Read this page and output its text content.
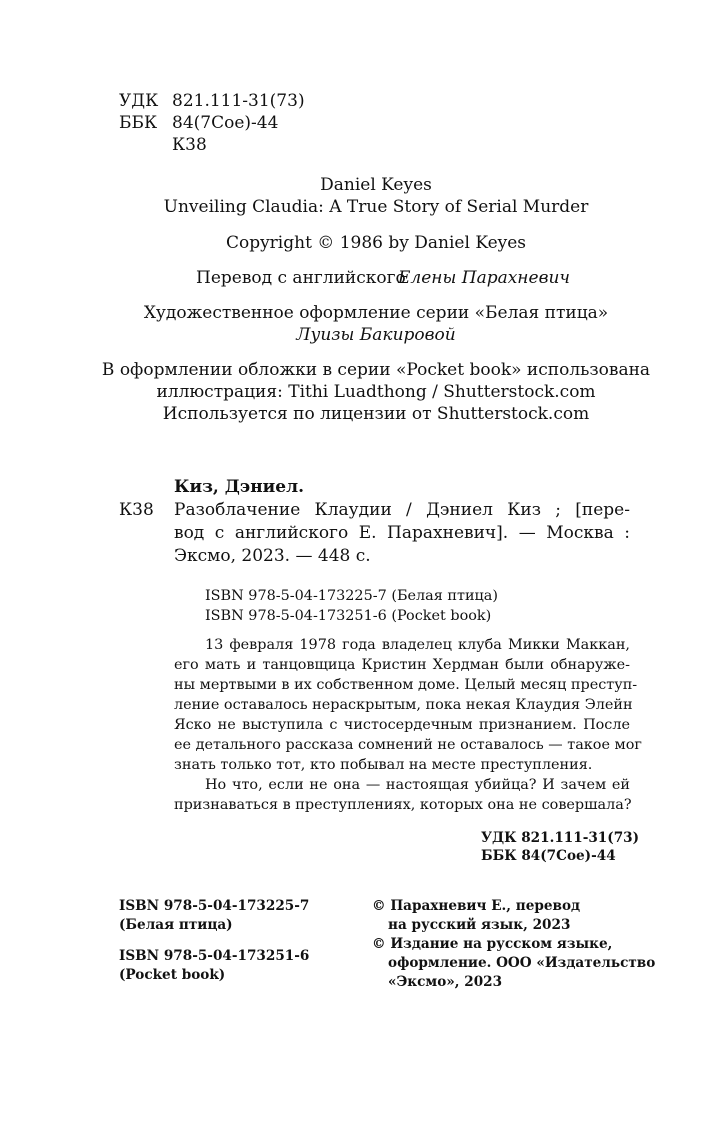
УДК 821.111-31(73)
ББК 84(7Сое)-44
К38
Daniel Keyes
Unveiling Claudia: A True Story of Serial Murder
Copyright © 1986 by Daniel Keyes
Перевод с английского
Елены Парахневич
Художественное оформление серии «Белая птица»
Луизы Бакировой
В оформлении обложки в серии «Pocket book» использована
иллюстрация: Tithi Luadthong / Shutterstock.com
Используется по лицензии от Shutterstock.com
Киз, Дэниел.
К38 Разоблачение Клаудии / Дэниел Киз ; [пере-
вод с английского Е. Парахневич]. — Москва :
Эксмо, 2023. — 448 с.
ISBN 978-5-04-173225-7 (Белая птица)
ISBN 978-5-04-173251-6 (Pocket book)
13 февраля 1978 года владелец клуба Микки Маккан,
его мать и танцовщица Кристин Хердман были обнаруже-
ны мертвыми в их собственном доме. Целый месяц преступ-
ление оставалось нераскрытым, пока некая Клаудия Элейн
Яско не выступила с чистосердечным признанием. После
ее детального рассказа сомнений не оставалось — такое мог
знать только тот, кто побывал на месте преступления.
Но что, если не она — настоящая убийца? И зачем ей
признаваться в преступлениях, которых она не совершала?
УДК 821.111-31(73)
ББК 84(7Сое)-44
ISBN 978-5-04-173225-7
(Белая птица)
ISBN 978-5-04-173251-6
(Pocket book)
© Парахневич Е., перевод
на русский язык, 2023
© Издание на русском языке,
оформление. ООО «Издательство
«Эксмо», 2023
